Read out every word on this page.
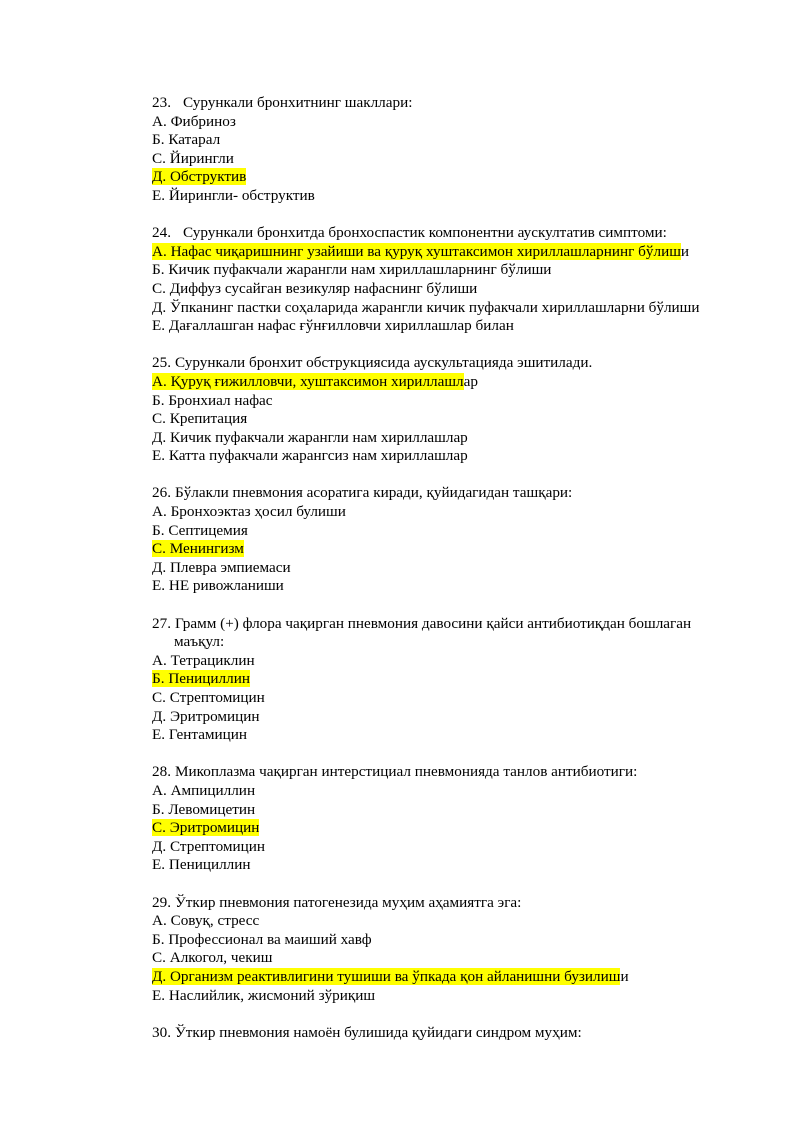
23. Сурункали бронхитнинг шакллари:
А. Фибриноз
Б. Катарал
С. Йирингли
Д. Обструктив
Е. Йирингли- обструктив
24. Сурункали бронхитда бронхоспастик компонентни аускултатив симптоми:
А. Нафас чиқаришнинг узайиши ва қуруқ хуштаксимон хириллашларнинг бўлиши
Б. Кичик пуфакчали жарангли нам хириллашларнинг бўлиши
С. Диффуз сусайган везикуляр нафаснинг бўлиши
Д. Ўпканинг пастки соҳаларида жарангли кичик пуфакчали хириллашларни бўлиши
Е. Дағаллашган нафас ғўнғилловчи хириллашлар билан
25. Сурункали бронхит обструкциясида аускультацияда эшитилади.
А. Қуруқ ғижилловчи, хуштаксимон хириллашлар
Б. Бронхиал нафас
С. Крепитация
Д. Кичик пуфакчали жарангли нам хириллашлар
Е. Катта пуфакчали жарангсиз нам хириллашлар
26. Бўлакли пневмония асоратига киради, қуйидагидан ташқари:
А. Бронхоэктаз ҳосил булиши
Б. Септицемия
С. Менингизм
Д. Плевра эмпиемаси
Е. НЕ ривожланиши
27. Грамм (+) флора чақирган пневмония давосини қайси антибиотиқдан бошлаган
маъқул:
А. Тетрациклин
Б. Пенициллин
С. Стрептомицин
Д. Эритромицин
Е. Гентамицин
28. Микоплазма чақирган интерстициал пневмонияда танлов антибиотиги:
А. Ампициллин
Б. Левомицетин
С. Эритромицин
Д. Стрептомицин
Е. Пенициллин
29. Ўткир пневмония патогенезида муҳим аҳамиятга эга:
А. Совуқ, стресс
Б. Профессионал ва маиший хавф
С. Алкогол, чекиш
Д. Организм реактивлигини тушиши ва ўпкада қон айланишни бузилиши
Е. Наслийлик, жисмоний зўриқиш
30. Ўткир пневмония намоён булишида қуйидаги синдром муҳим:
